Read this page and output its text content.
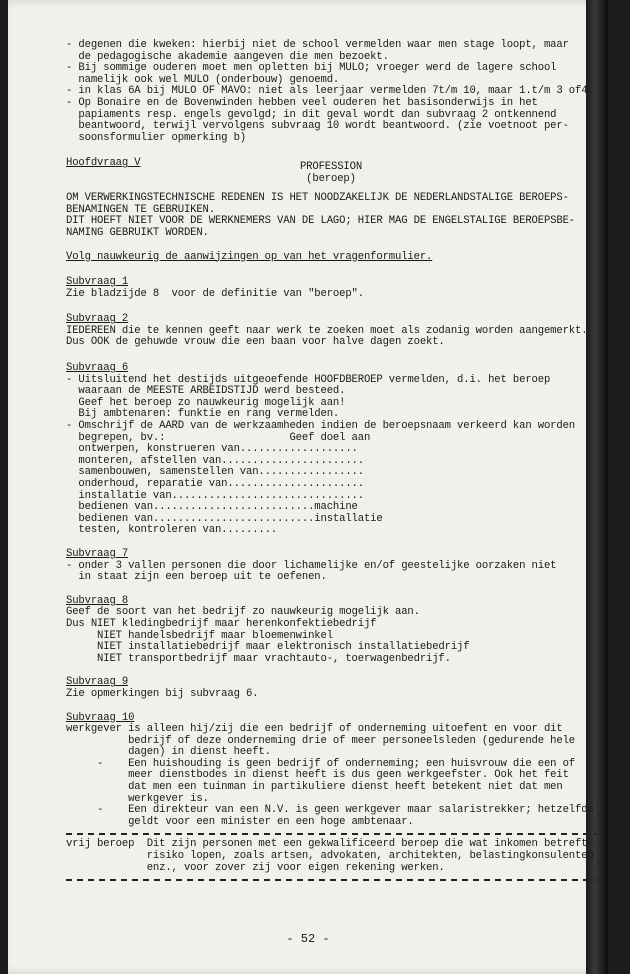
- degenen die kweken: hierbij niet de school vermelden waar men stage loopt, maar
de pedagogische akademie aangeven die men bezoekt.
- Bij sommige ouderen moet men opletten bij MULO; vroeger werd de lagere school
namelijk ook wel MULO (onderbouw) genoemd.
- in klas 6A bij MULO OF MAVO: niet als leerjaar vermelden 7t/m 10, maar 1.t/m 3 of4.
- Op Bonaire en de Bovenwinden hebben veel ouderen het basisonderwijs in het
papiaments resp. engels gevolgd; in dit geval wordt dan subvraag 2 ontkennend
beantwoord, terwijl vervolgens subvraag 10 wordt beantwoord. (zie voetnoot per-
soonsformulier opmerking b)
Hoofdvraag V	PROFESSION
(beroep)
OM VERWERKINGSTECHNISCHE REDENEN IS HET NOODZAKELIJK DE NEDERLANDSTALIGE BEROEPS-
BENAMINGEN TE GEBRUIKEN.
DIT HOEFT NIET VOOR DE WERKNEMERS VAN DE LAGO; HIER MAG DE ENGELSTALIGE BEROEPSBE-
NAMING GEBRUIKT WORDEN.
Volg nauwkeurig de aanwijzingen op van het vragenformulier.
Subvraag 1
Zie bladzijde 8  voor de definitie van "beroep".
Subvraag 2
IEDEREEN die te kennen geeft naar werk te zoeken moet als zodanig worden aangemerkt.
Dus OOK de gehuwde vrouw die een baan voor halve dagen zoekt.
Subvraag 6
- Uitsluitend het destijds uitgeoefende HOOFDBEROEP vermelden, d.i. het beroep
waaraan de MEESTE ARBEIDSTIJD werd besteed.
Geef het beroep zo nauwkeurig mogelijk aan!
Bij ambtenaren: funktie en rang vermelden.
- Omschrijf de AARD van de werkzaamheden indien de beroepsnaam verkeerd kan worden
begrepen, bv.:                    Geef doel aan
ontwerpen, konstrueren van...................
monteren, afstellen van.......................
samenbouwen, samenstellen van.................
onderhoud, reparatie van......................
installatie van...............................
bedienen van..........................machine
bedienen van..........................installatie
testen, kontroleren van.........
Subvraag 7
- onder 3 vallen personen die door lichamelijke en/of geestelijke oorzaken niet
in staat zijn een beroep uit te oefenen.
Subvraag 8
Geef de soort van het bedrijf zo nauwkeurig mogelijk aan.
Dus NIET kledingbedrijf maar herenkonfektiebedrijf
NIET handelsbedrijf maar bloemenwinkel
NIET installatiebedrijf maar elektronisch installatiebedrijf
NIET transportbedrijf maar vrachtauto-, toerwagenbedrijf.
Subvraag 9
Zie opmerkingen bij subvraag 6.
Subvraag 10
werkgever is alleen hij/zij die een bedrijf of onderneming uitoefent en voor dit
bedrijf of deze onderneming drie of meer personeelsleden (gedurende hele
dagen) in dienst heeft.
-    Een huishouding is geen bedrijf of onderneming; een huisvrouw die een of
meer dienstbodes in dienst heeft is dus geen werkgeefster. Ook het feit
dat men een tuinman in partikuliere dienst heeft betekent niet dat men
werkgever is.
-    Een direkteur van een N.V. is geen werkgever maar salaristrekker; hetzelfde
geldt voor een minister en een hoge ambtenaar.
vrij beroep  Dit zijn personen met een gekwalificeerd beroep die wat inkomen betreft
risiko lopen, zoals artsen, advokaten, architekten, belastingkonsulenten
enz., voor zover zij voor eigen rekening werken.
- 52 -
